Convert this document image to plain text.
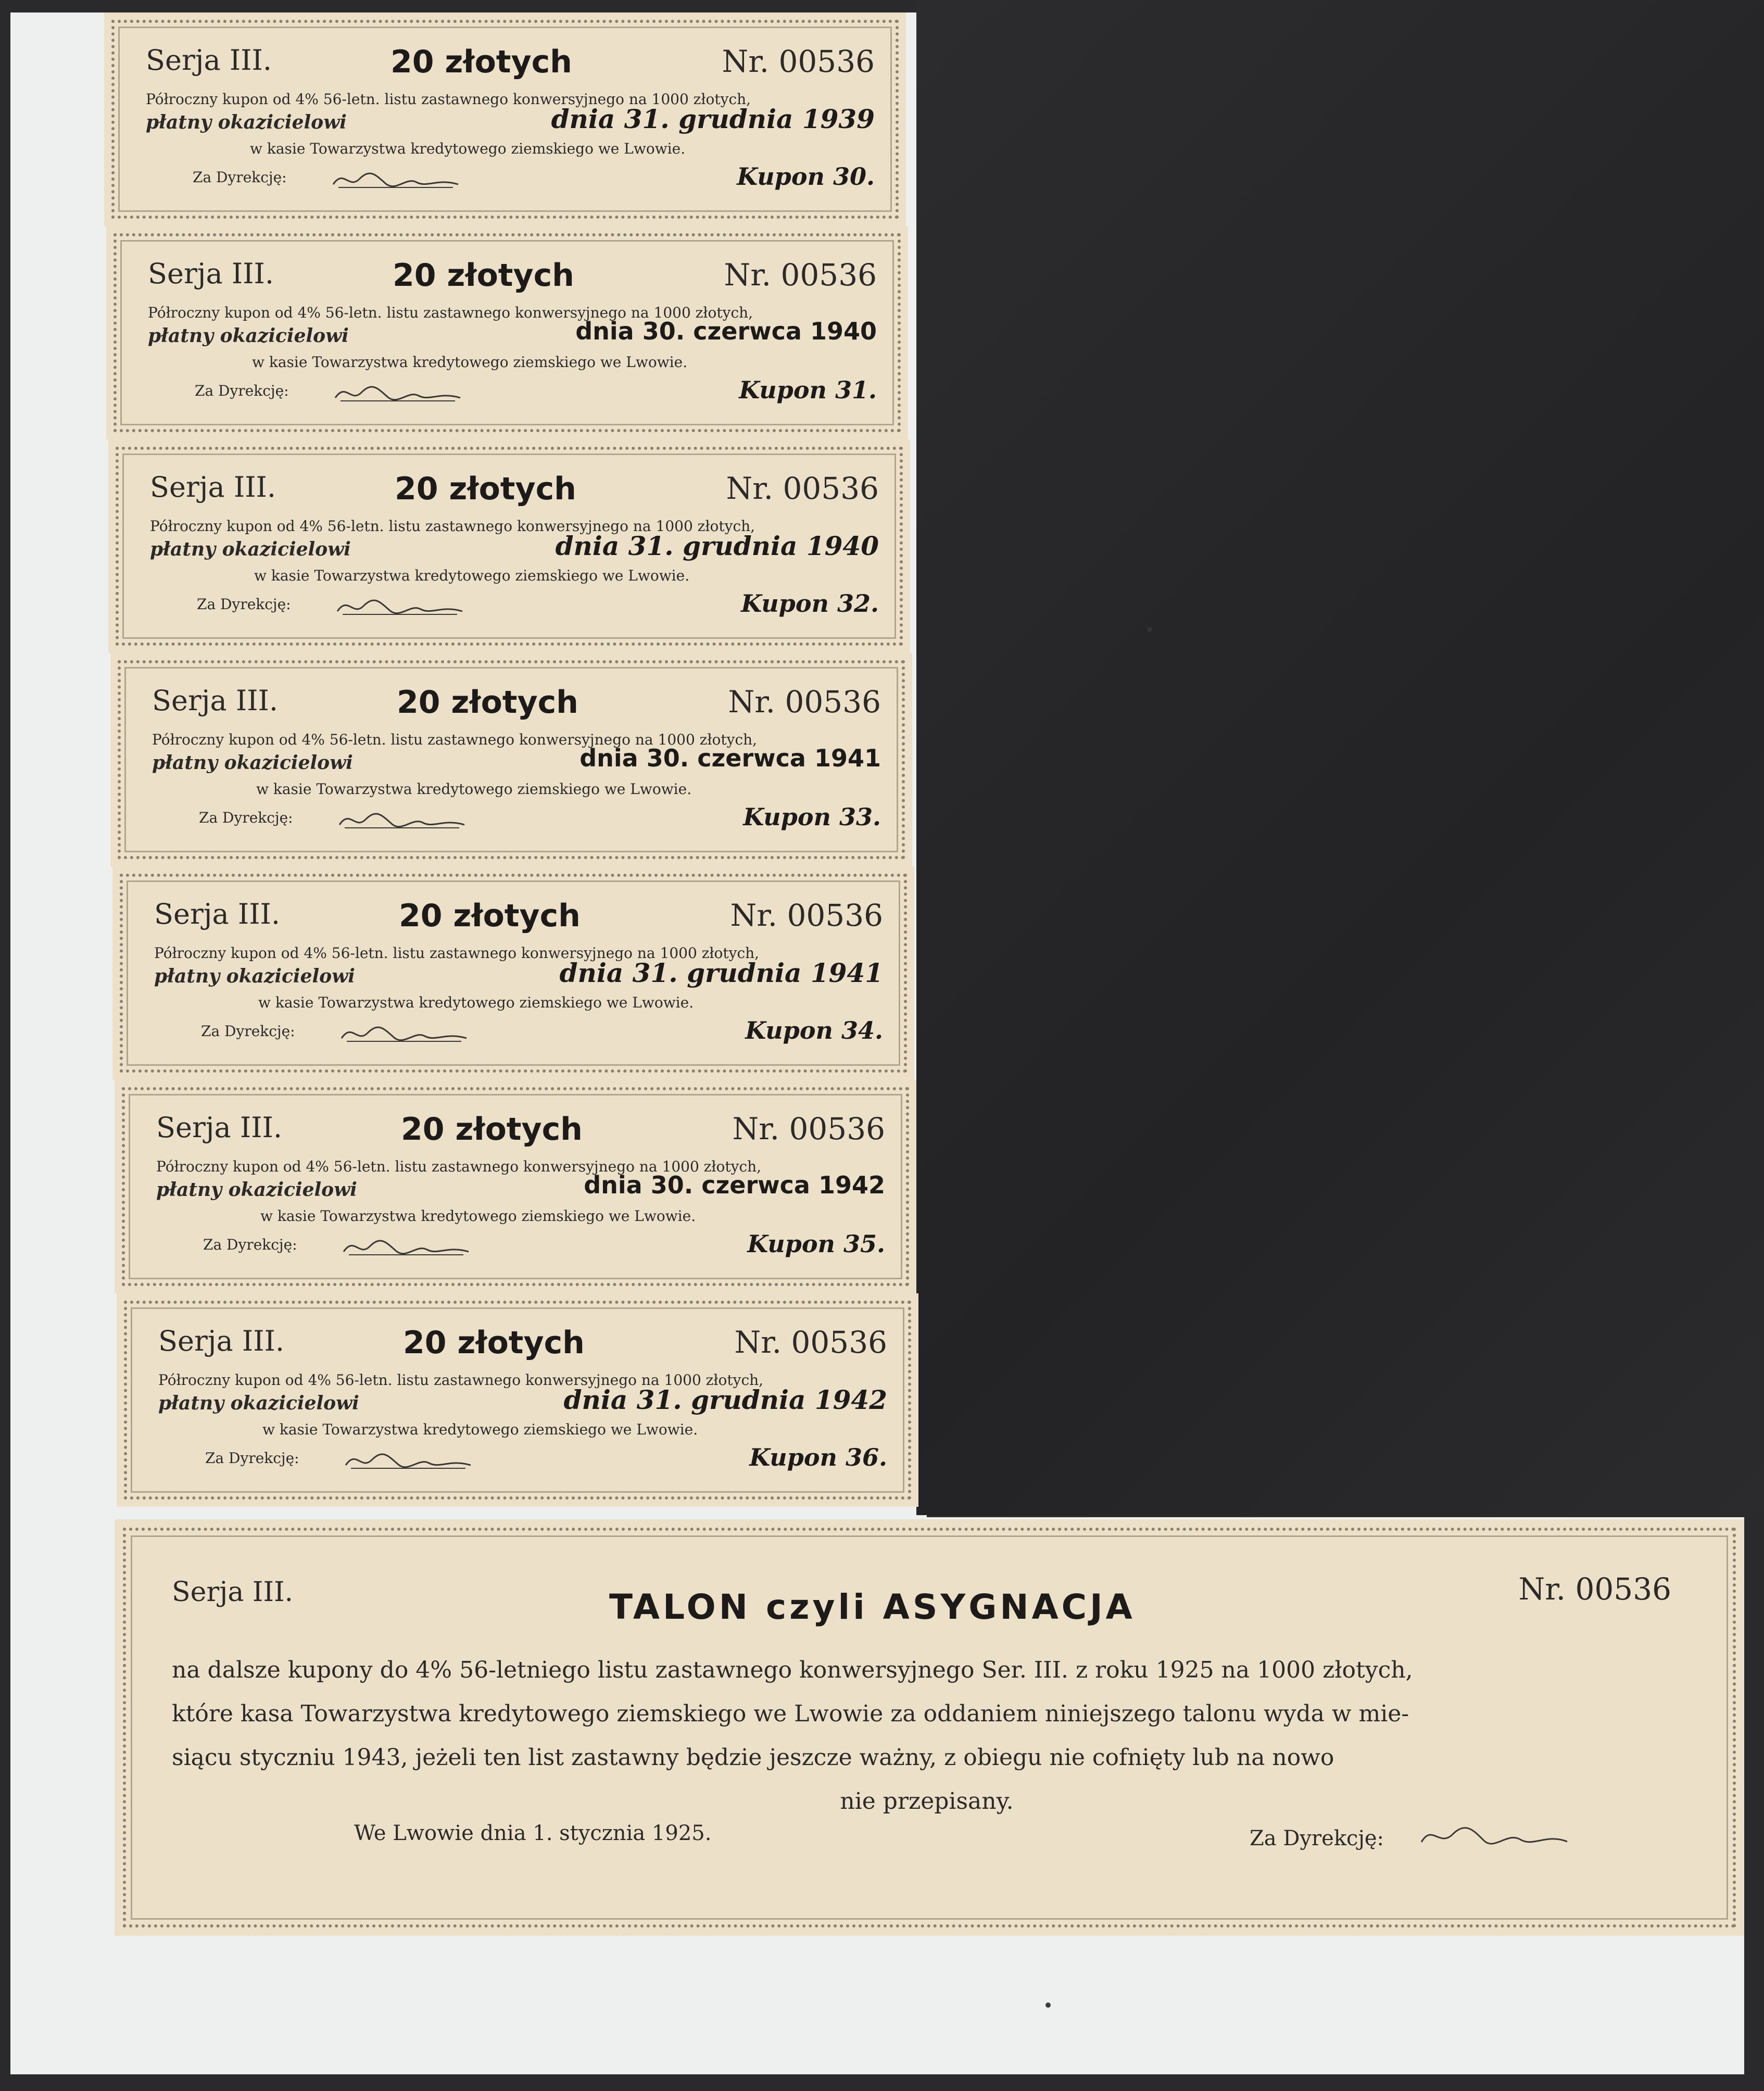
Serja III.	20 złotych	Nr. 00536
Półroczny kupon od 4% 56-letn. listu zastawnego konwersyjnego na 1000 złotych,
płatny okazicielowi	dnia 31. grudnia 1939
w kasie Towarzystwa kredytowego ziemskiego we Lwowie.
Za Dyrekcję:	Kupon 30.
Serja III.	20 złotych	Nr. 00536
Półroczny kupon od 4% 56-letn. listu zastawnego konwersyjnego na 1000 złotych,
płatny okazicielowi	dnia 30. czerwca 1940
w kasie Towarzystwa kredytowego ziemskiego we Lwowie.
Za Dyrekcję:	Kupon 31.
Serja III.	20 złotych	Nr. 00536
Półroczny kupon od 4% 56-letn. listu zastawnego konwersyjnego na 1000 złotych,
płatny okazicielowi	dnia 31. grudnia 1940
w kasie Towarzystwa kredytowego ziemskiego we Lwowie.
Za Dyrekcję:	Kupon 32.
Serja III.	20 złotych	Nr. 00536
Półroczny kupon od 4% 56-letn. listu zastawnego konwersyjnego na 1000 złotych,
płatny okazicielowi	dnia 30. czerwca 1941
w kasie Towarzystwa kredytowego ziemskiego we Lwowie.
Za Dyrekcję:	Kupon 33.
Serja III.	20 złotych	Nr. 00536
Półroczny kupon od 4% 56-letn. listu zastawnego konwersyjnego na 1000 złotych,
płatny okazicielowi	dnia 31. grudnia 1941
w kasie Towarzystwa kredytowego ziemskiego we Lwowie.
Za Dyrekcję:	Kupon 34.
Serja III.	20 złotych	Nr. 00536
Półroczny kupon od 4% 56-letn. listu zastawnego konwersyjnego na 1000 złotych,
płatny okazicielowi	dnia 30. czerwca 1942
w kasie Towarzystwa kredytowego ziemskiego we Lwowie.
Za Dyrekcję:	Kupon 35.
Serja III.	20 złotych	Nr. 00536
Półroczny kupon od 4% 56-letn. listu zastawnego konwersyjnego na 1000 złotych,
płatny okazicielowi	dnia 31. grudnia 1942
w kasie Towarzystwa kredytowego ziemskiego we Lwowie.
Za Dyrekcję:	Kupon 36.
Serja III.	TALON czyli ASYGNACJA	Nr. 00536
na dalsze kupony do 4% 56-letniego listu zastawnego konwersyjnego Ser. III. z roku 1925 na 1000 złotych,
które kasa Towarzystwa kredytowego ziemskiego we Lwowie za oddaniem niniejszego talonu wyda w mie-
siącu styczniu 1943, jeżeli ten list zastawny będzie jeszcze ważny, z obiegu nie cofnięty lub na nowo

nie przepisany.
We Lwowie dnia 1. stycznia 1925.	Za Dyrekcję:
